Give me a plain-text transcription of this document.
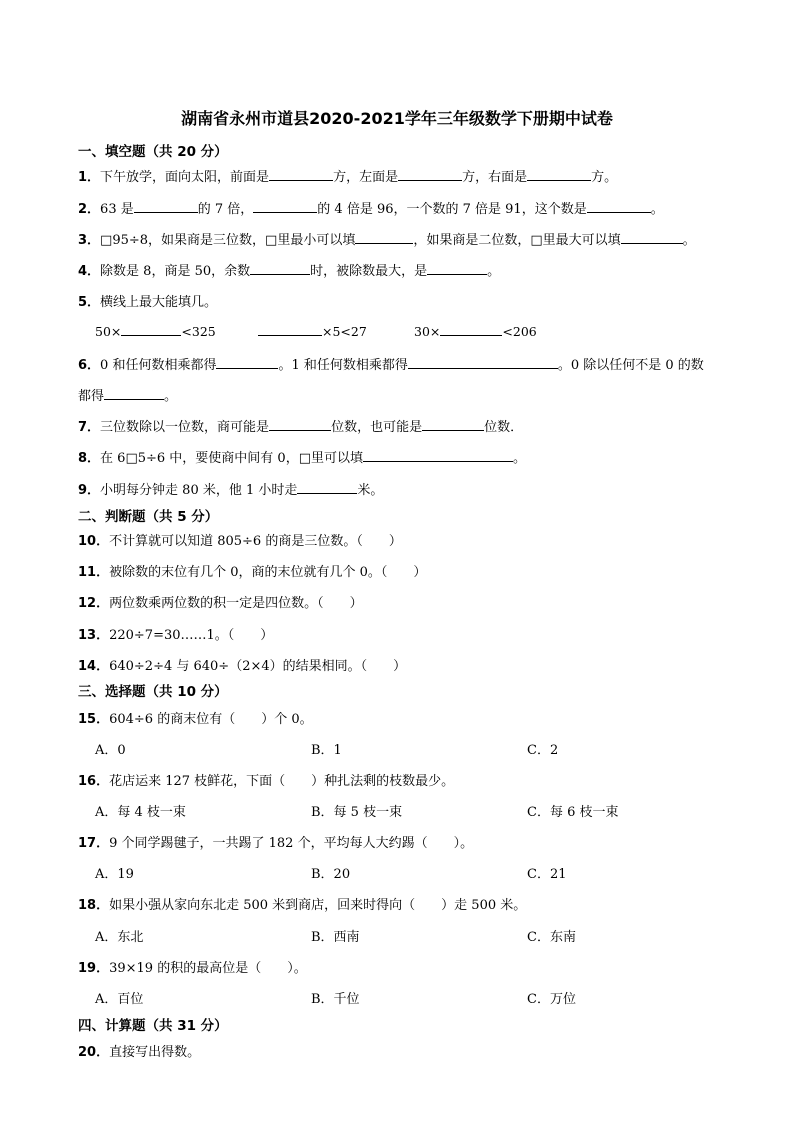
湖南省永州市道县2020-2021学年三年级数学下册期中试卷
一、填空题（共 20 分）
1．下午放学，面向太阳，前面是	方，左面是	方，右面是	方。
2．63 是	的 7 倍，	的 4 倍是 96，一个数的 7 倍是 91，这个数是	。
3．□95÷8，如果商是三位数，□里最小可以填	，如果商是二位数，□里最大可以填	。
4．除数是 8，商是 50，余数	时，被除数最大，是	。
5．横线上最大能填几。
50×	<325	×5<27	30×	<206
6．0 和任何数相乘都得	。1 和任何数相乘都得	。0 除以任何不是 0 的数
都得	。
7．三位数除以一位数，商可能是	位数，也可能是	位数．
8．在 6□5÷6 中，要使商中间有 0，□里可以填	。
9．小明每分钟走 80 米，他 1 小时走	米。
二、判断题（共 5 分）
10．不计算就可以知道 805÷6 的商是三位数。（　　）
11．被除数的末位有几个 0，商的末位就有几个 0。（　　）
12．两位数乘两位数的积一定是四位数。（　　）
13．220÷7=30……1。（　　）
14．640÷2÷4 与 640÷（2×4）的结果相同。（　　）
三、选择题（共 10 分）
15．604÷6 的商末位有（　　）个 0。
A．0	B．1	C．2
16．花店运来 127 枝鲜花，下面（　　）种扎法剩的枝数最少。
A．每 4 枝一束	B．每 5 枝一束	C．每 6 枝一束
17．9 个同学踢毽子，一共踢了 182 个，平均每人大约踢（　　）。
A．19	B．20	C．21
18．如果小强从家向东北走 500 米到商店，回来时得向（　　）走 500 米。
A．东北	B．西南	C．东南
19．39×19 的积的最高位是（　　）。
A．百位	B．千位	C．万位
四、计算题（共 31 分）
20．直接写出得数。
